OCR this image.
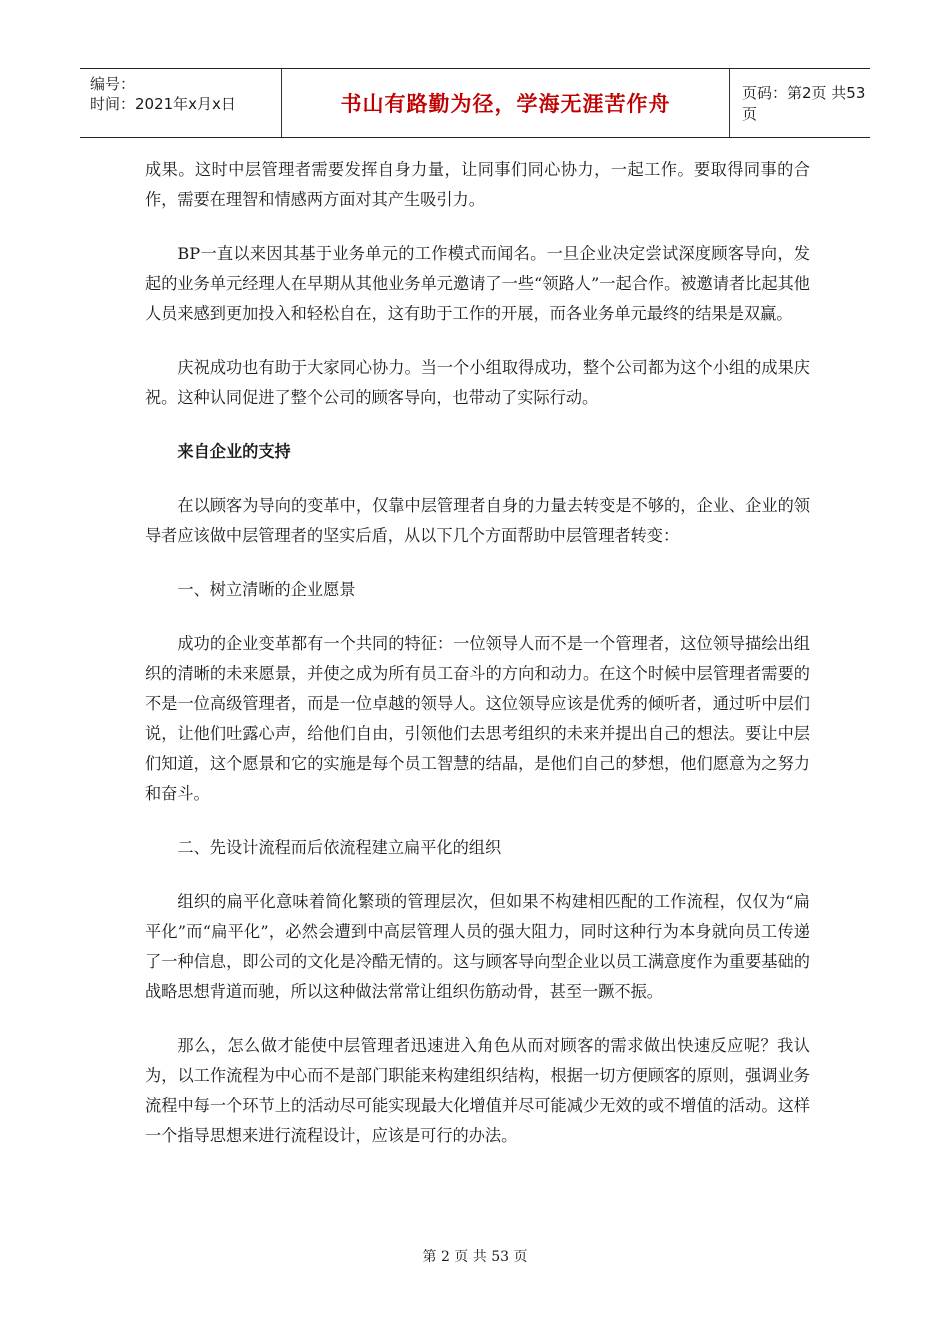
编号：
时间：2021年x月x日	书山有路勤为径，学海无涯苦作舟	页码：第2页 共53页

成果。这时中层管理者需要发挥自身力量，让同事们同心协力，一起工作。要取得同事的合作，需要在理智和情感两方面对其产生吸引力。

BP一直以来因其基于业务单元的工作模式而闻名。一旦企业决定尝试深度顾客导向，发起的业务单元经理人在早期从其他业务单元邀请了一些“领路人”一起合作。被邀请者比起其他人员来感到更加投入和轻松自在，这有助于工作的开展，而各业务单元最终的结果是双赢。

庆祝成功也有助于大家同心协力。当一个小组取得成功，整个公司都为这个小组的成果庆祝。这种认同促进了整个公司的顾客导向，也带动了实际行动。

来自企业的支持

在以顾客为导向的变革中，仅靠中层管理者自身的力量去转变是不够的，企业、企业的领导者应该做中层管理者的坚实后盾，从以下几个方面帮助中层管理者转变：

一、树立清晰的企业愿景

成功的企业变革都有一个共同的特征：一位领导人而不是一个管理者，这位领导描绘出组织的清晰的未来愿景，并使之成为所有员工奋斗的方向和动力。在这个时候中层管理者需要的不是一位高级管理者，而是一位卓越的领导人。这位领导应该是优秀的倾听者，通过听中层们说，让他们吐露心声，给他们自由，引领他们去思考组织的未来并提出自己的想法。要让中层们知道，这个愿景和它的实施是每个员工智慧的结晶，是他们自己的梦想，他们愿意为之努力和奋斗。

二、先设计流程而后依流程建立扁平化的组织

组织的扁平化意味着简化繁琐的管理层次，但如果不构建相匹配的工作流程，仅仅为“扁平化”而“扁平化”，必然会遭到中高层管理人员的强大阻力，同时这种行为本身就向员工传递了一种信息，即公司的文化是冷酷无情的。这与顾客导向型企业以员工满意度作为重要基础的战略思想背道而驰，所以这种做法常常让组织伤筋动骨，甚至一蹶不振。

那么，怎么做才能使中层管理者迅速进入角色从而对顾客的需求做出快速反应呢？我认为，以工作流程为中心而不是部门职能来构建组织结构，根据一切方便顾客的原则，强调业务流程中每一个环节上的活动尽可能实现最大化增值并尽可能减少无效的或不增值的活动。这样一个指导思想来进行流程设计，应该是可行的办法。

第 2 页 共 53 页
